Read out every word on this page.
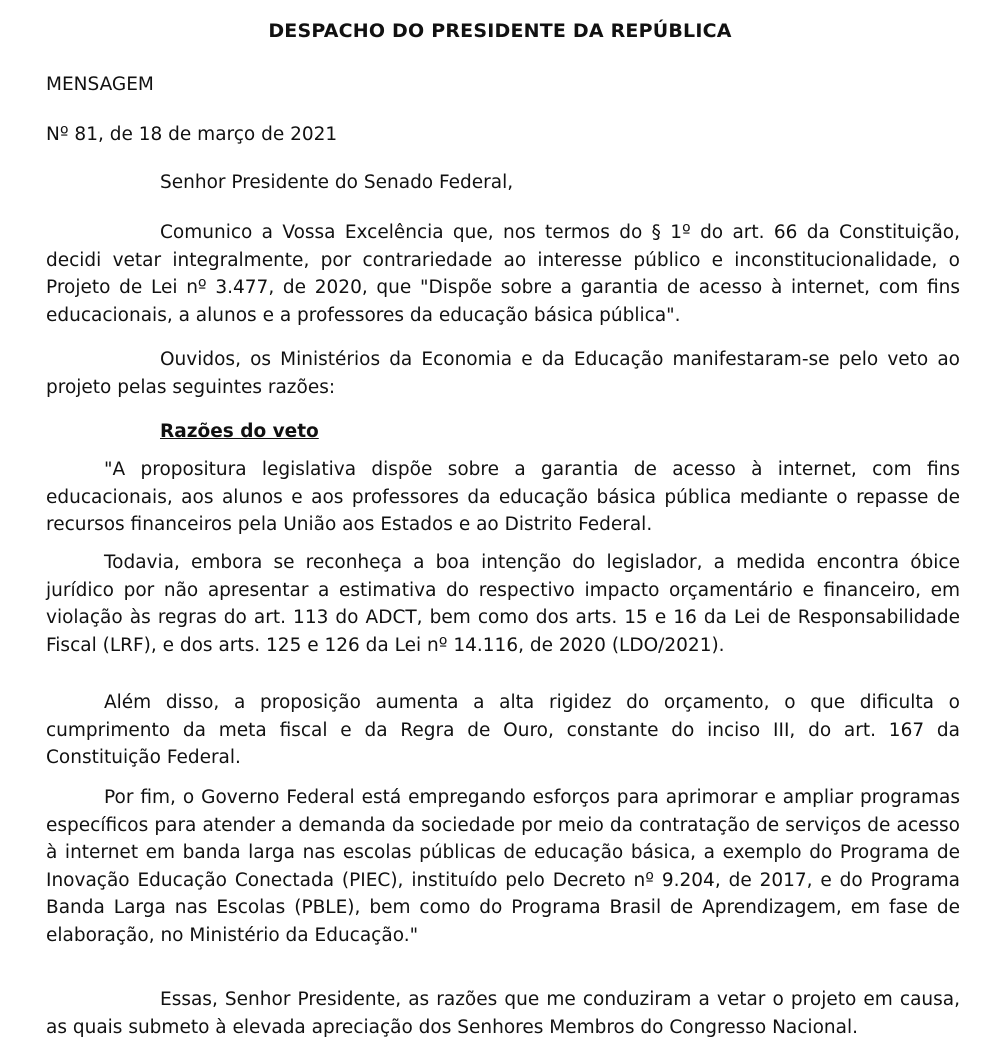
DESPACHO DO PRESIDENTE DA REPÚBLICA
MENSAGEM
Nº 81, de 18 de março de 2021
Senhor Presidente do Senado Federal,
Comunico a Vossa Excelência que, nos termos do § 1º do art. 66 da Constituição, decidi vetar integralmente, por contrariedade ao interesse público e inconstitucionalidade, o Projeto de Lei nº 3.477, de 2020, que "Dispõe sobre a garantia de acesso à internet, com fins educacionais, a alunos e a professores da educação básica pública".
Ouvidos, os Ministérios da Economia e da Educação manifestaram-se pelo veto ao projeto pelas seguintes razões:
Razões do veto
"A propositura legislativa dispõe sobre a garantia de acesso à internet, com fins educacionais, aos alunos e aos professores da educação básica pública mediante o repasse de recursos financeiros pela União aos Estados e ao Distrito Federal.
Todavia, embora se reconheça a boa intenção do legislador, a medida encontra óbice jurídico por não apresentar a estimativa do respectivo impacto orçamentário e financeiro, em violação às regras do art. 113 do ADCT, bem como dos arts. 15 e 16 da Lei de Responsabilidade Fiscal (LRF), e dos arts. 125 e 126 da Lei nº 14.116, de 2020 (LDO/2021).
Além disso, a proposição aumenta a alta rigidez do orçamento, o que dificulta o cumprimento da meta fiscal e da Regra de Ouro, constante do inciso III, do art. 167 da Constituição Federal.
Por fim, o Governo Federal está empregando esforços para aprimorar e ampliar programas específicos para atender a demanda da sociedade por meio da contratação de serviços de acesso à internet em banda larga nas escolas públicas de educação básica, a exemplo do Programa de Inovação Educação Conectada (PIEC), instituído pelo Decreto nº 9.204, de 2017, e do Programa Banda Larga nas Escolas (PBLE), bem como do Programa Brasil de Aprendizagem, em fase de elaboração, no Ministério da Educação."
Essas, Senhor Presidente, as razões que me conduziram a vetar o projeto em causa, as quais submeto à elevada apreciação dos Senhores Membros do Congresso Nacional.
